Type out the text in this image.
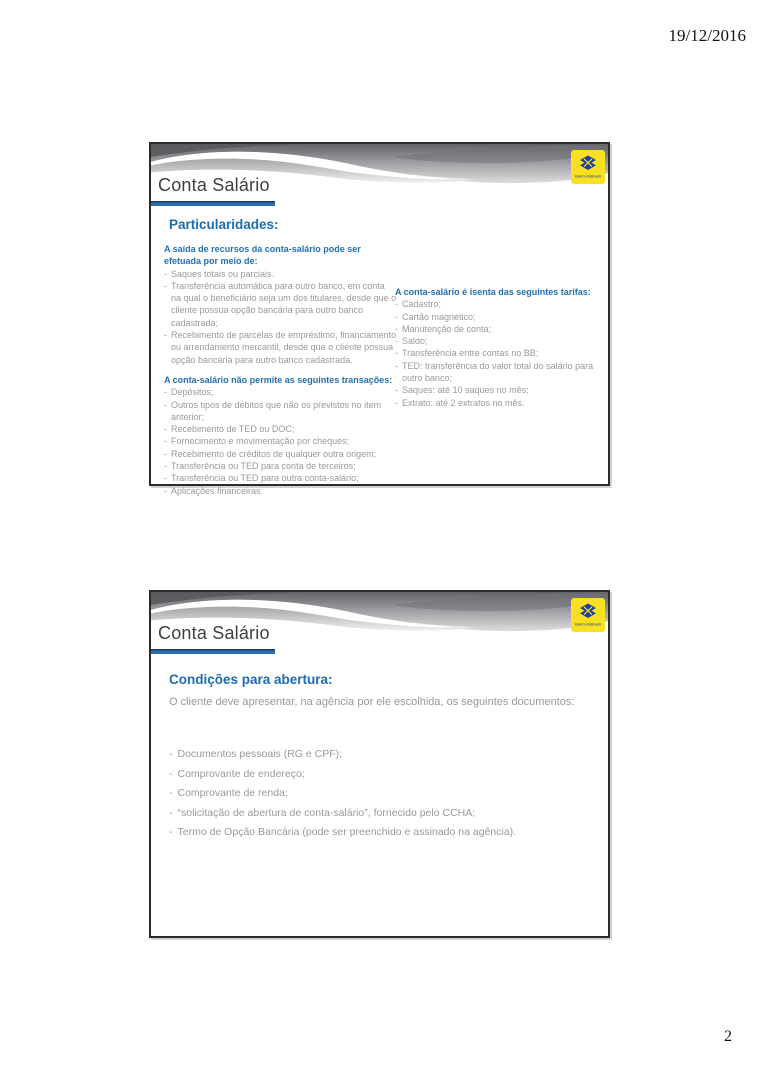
19/12/2016
BancodoBrasil
Conta Salário
Particularidades:
A saída de recursos da conta-salário pode ser efetuada por meio de:
- Saques totais ou parciais.
- Transferência automática para outro banco, em conta na qual o beneficiário seja um dos titulares, desde que o cliente possua opção bancária para outro banco cadastrada;
- Recebimento de parcelas de empréstimo, financiamento ou arrendamento mercantil, desde que o cliente possua opção bancária para outro banco cadastrada.
A conta-salário não permite as seguintes transações:
- Depósitos;
- Outros tipos de débitos que não os previstos no item anterior;
- Recebimento de TED ou DOC;
- Fornecimento e movimentação por cheques;
- Recebimento de créditos de qualquer outra origem;
- Transferência ou TED para conta de terceiros;
- Transferência ou TED para outra conta-salário;
- Aplicações financeiras.
A conta-salário é isenta das seguintes tarifas:
- Cadastro;
- Cartão magnético;
- Manutenção de conta;
- Saldo;
- Transferência entre contas no BB;
- TED: transferência do valor total do salário para outro banco;
- Saques: até 10 saques no mês;
- Extrato: até 2 extratos no mês.
BancodoBrasil
Conta Salário
Condições para abertura:
O cliente deve apresentar, na agência por ele escolhida, os seguintes documentos:
- Documentos pessoais (RG e CPF);
- Comprovante de endereço;
- Comprovante de renda;
- “solicitação de abertura de conta-salário”, fornecido pelo CCHA;
- Termo de Opção Bancária (pode ser preenchido e assinado na agência).
2
